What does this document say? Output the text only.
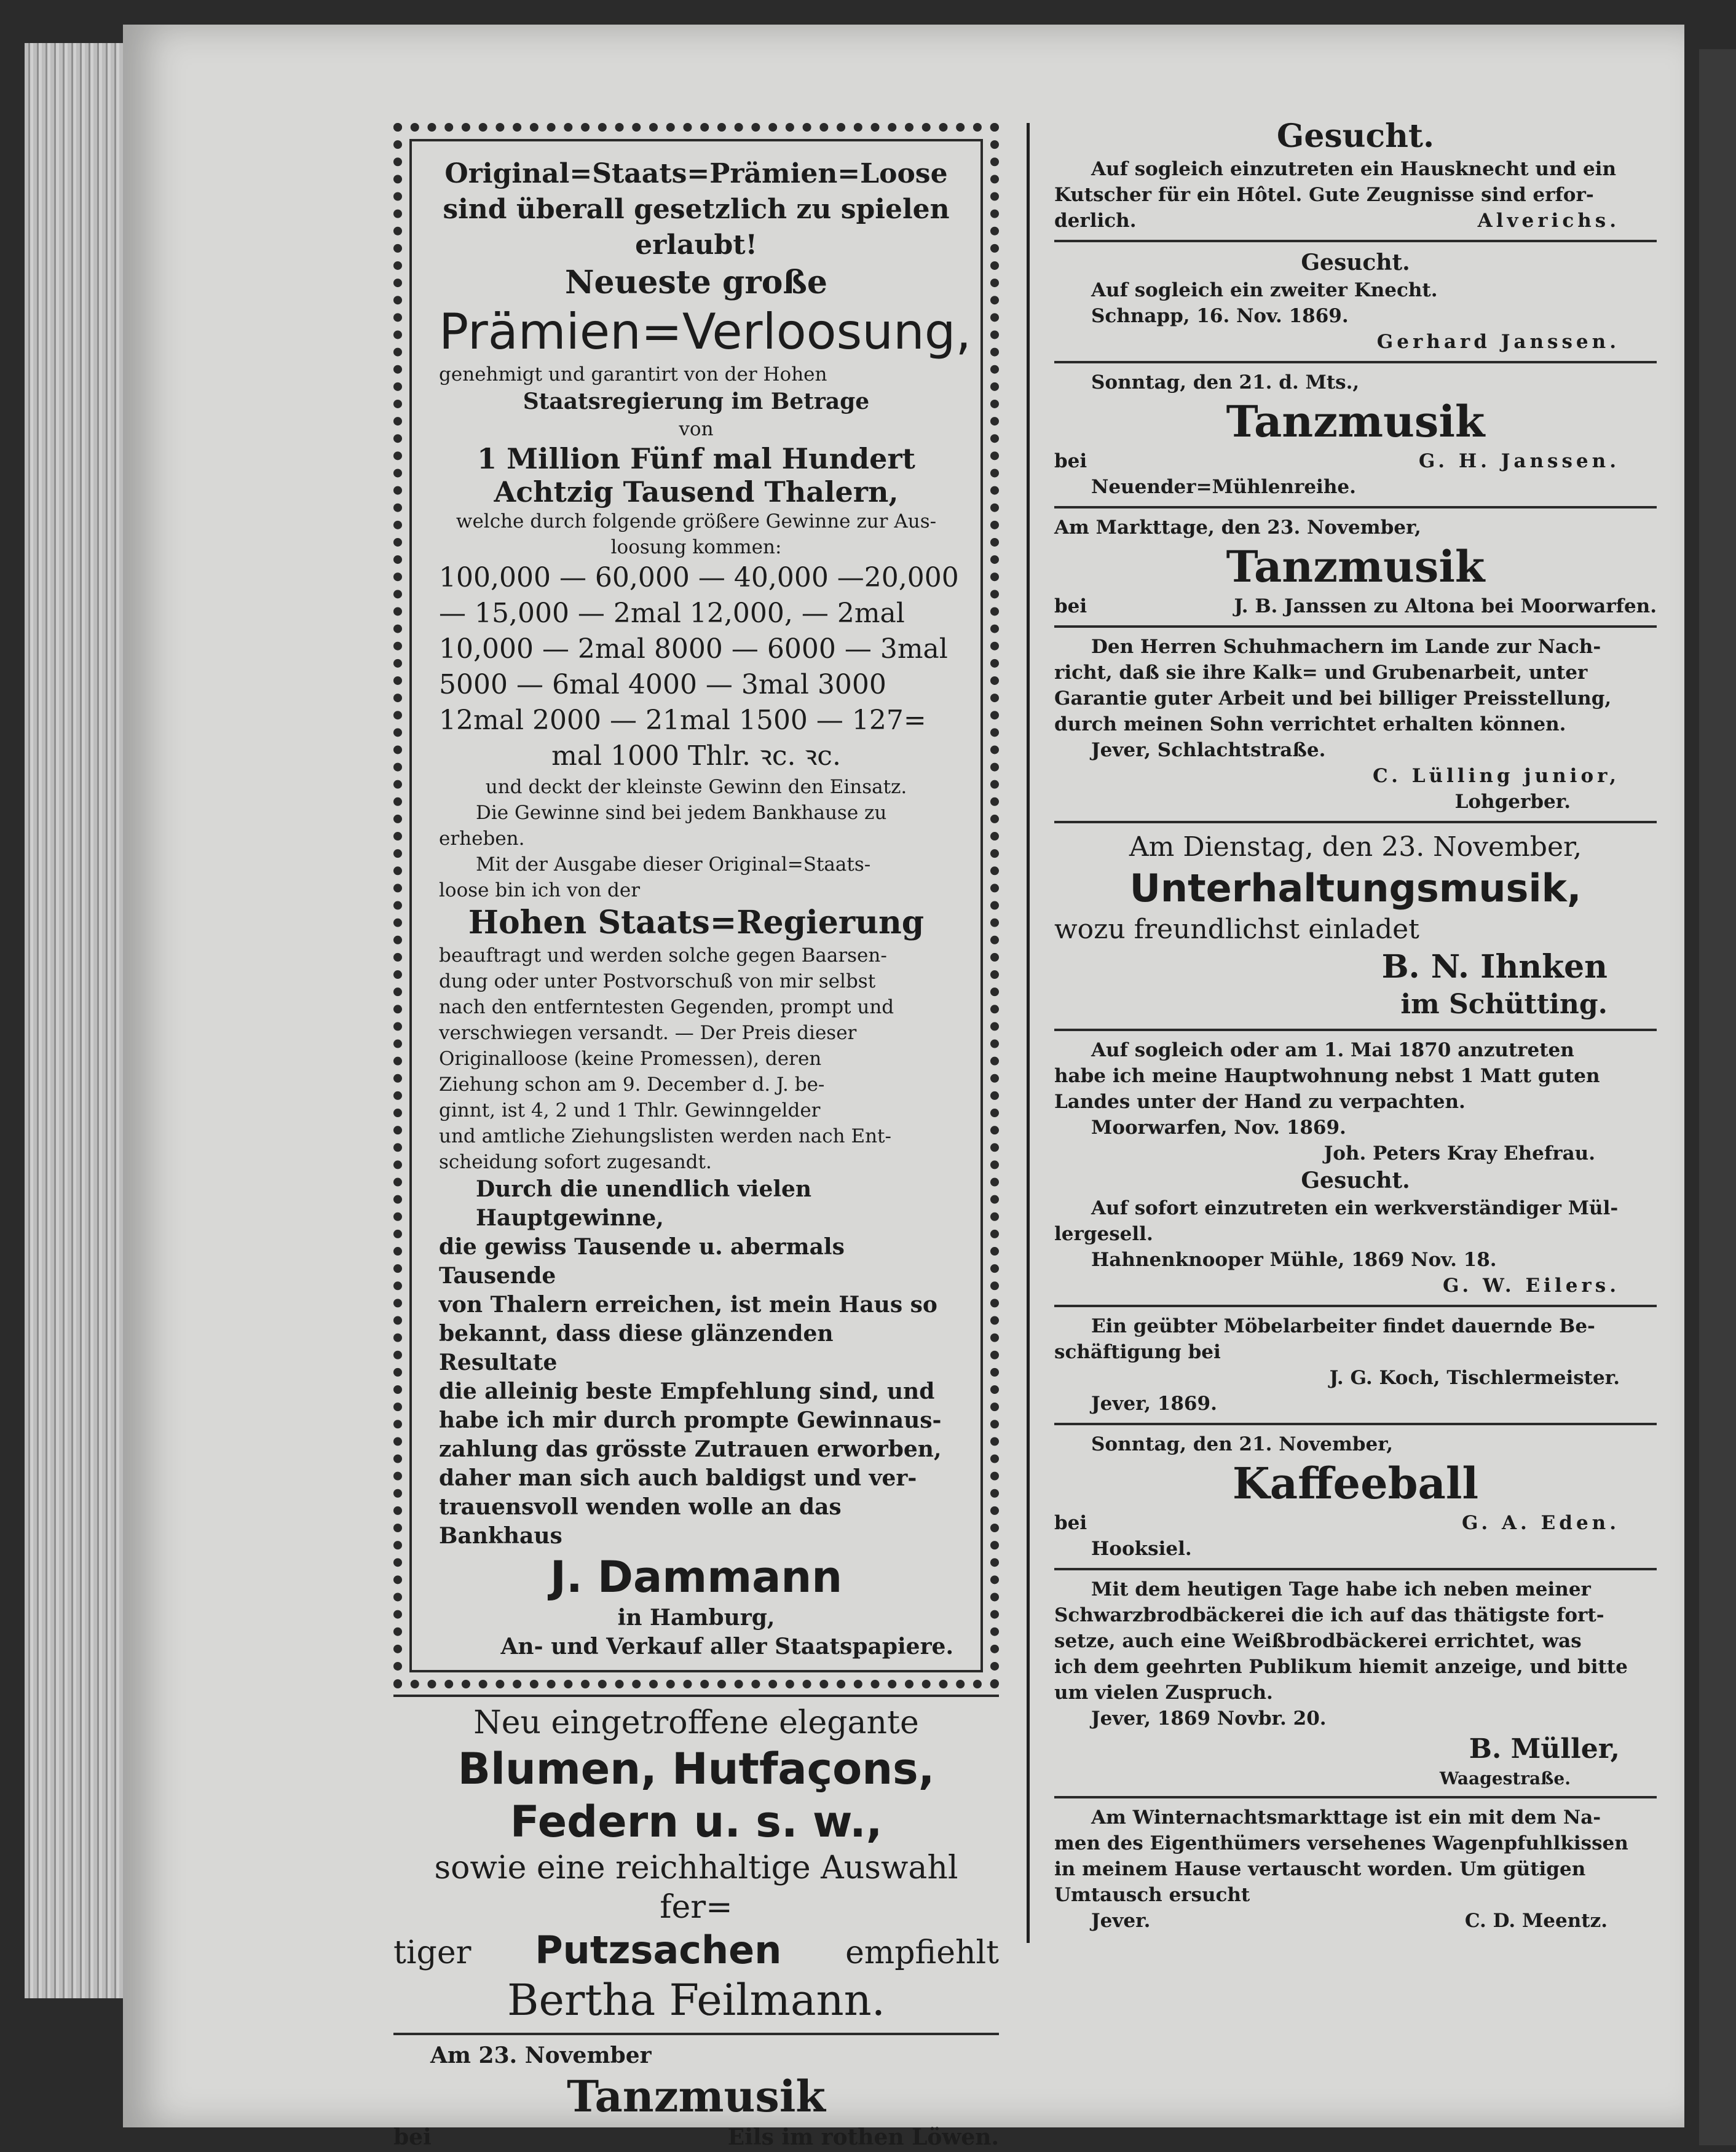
Original=Staats=Prämien=Loose
sind überall gesetzlich zu spielen
erlaubt!
Neueste große
Prämien=Verloosung,
genehmigt und garantirt von der Hohen
Staatsregierung im Betrage
von
1 Million Fünf mal Hundert
Achtzig Tausend Thalern,
welche durch folgende größere Gewinne zur Aus-
loosung kommen:
100,000 — 60,000 — 40,000 —20,000
— 15,000 — 2mal 12,000, — 2mal
10,000 — 2mal 8000 — 6000 — 3mal
5000 — 6mal 4000 — 3mal 3000
12mal 2000 — 21mal 1500 — 127=
mal 1000 Thlr. ꝛc. ꝛc.
und deckt der kleinste Gewinn den Einsatz.
Die Gewinne sind bei jedem Bankhause zu
erheben.
Mit der Ausgabe dieser Original=Staats-
loose bin ich von der
Hohen Staats=Regierung
beauftragt und werden solche gegen Baarsen-
dung oder unter Postvorschuß von mir selbst
nach den entferntesten Gegenden, prompt und
verschwiegen versandt. — Der Preis dieser
Originalloose (keine Promessen), deren
Ziehung schon am 9. December d. J. be-
ginnt, ist 4, 2 und 1 Thlr. Gewinngelder
und amtliche Ziehungslisten werden nach Ent-
scheidung sofort zugesandt.
Durch die unendlich vielen Hauptgewinne,
die gewiss Tausende u. abermals Tausende
von Thalern erreichen, ist mein Haus so
bekannt, dass diese glänzenden Resultate
die alleinig beste Empfehlung sind, und
habe ich mir durch prompte Gewinnaus-
zahlung das grösste Zutrauen erworben,
daher man sich auch baldigst und ver-
trauensvoll wenden wolle an das Bankhaus
J. Dammann
in Hamburg,
An- und Verkauf aller Staatspapiere.
Neu eingetroffene elegante
Blumen, Hutfaçons,
Federn u. s. w.,
sowie eine reichhaltige Auswahl fer=
tiger Putzsachen empfiehlt
Bertha Feilmann.
Am 23. November
Tanzmusik
bei	Eils im rothen Löwen.
Gesucht.
Auf sogleich einzutreten ein Hausknecht und ein
Kutscher für ein Hôtel. Gute Zeugnisse sind erfor-
derlich.	Alverichs.
Gesucht.
Auf sogleich ein zweiter Knecht.
Schnapp, 16. Nov. 1869.
Gerhard Janssen.
Sonntag, den 21. d. Mts.,
Tanzmusik
bei	G. H. Janssen.
Neuender=Mühlenreihe.
Am Markttage, den 23. November,
Tanzmusik
bei	J. B. Janssen zu Altona bei Moorwarfen.
Den Herren Schuhmachern im Lande zur Nach-
richt, daß sie ihre Kalk= und Grubenarbeit, unter
Garantie guter Arbeit und bei billiger Preisstellung,
durch meinen Sohn verrichtet erhalten können.
Jever, Schlachtstraße.
C. Lülling junior,
Lohgerber.
Am Dienstag, den 23. November,
Unterhaltungsmusik,
wozu freundlichst einladet
B. N. Ihnken
im Schütting.
Auf sogleich oder am 1. Mai 1870 anzutreten
habe ich meine Hauptwohnung nebst 1 Matt guten
Landes unter der Hand zu verpachten.
Moorwarfen, Nov. 1869.
Joh. Peters Kray Ehefrau.
Gesucht.
Auf sofort einzutreten ein werkverständiger Mül-
lergesell.
Hahnenknooper Mühle, 1869 Nov. 18.
G. W. Eilers.
Ein geübter Möbelarbeiter findet dauernde Be-
schäftigung bei
J. G. Koch, Tischlermeister.
Jever, 1869.
Sonntag, den 21. November,
Kaffeeball
bei	G. A. Eden.
Hooksiel.
Mit dem heutigen Tage habe ich neben meiner
Schwarzbrodbäckerei die ich auf das thätigste fort-
setze, auch eine Weißbrodbäckerei errichtet, was
ich dem geehrten Publikum hiemit anzeige, und bitte
um vielen Zuspruch.
Jever, 1869 Novbr. 20.
B. Müller,
Waagestraße.
Am Winternachtsmarkttage ist ein mit dem Na-
men des Eigenthümers versehenes Wagenpfuhlkissen
in meinem Hause vertauscht worden. Um gütigen
Umtausch ersucht
Jever.	C. D. Meentz.
